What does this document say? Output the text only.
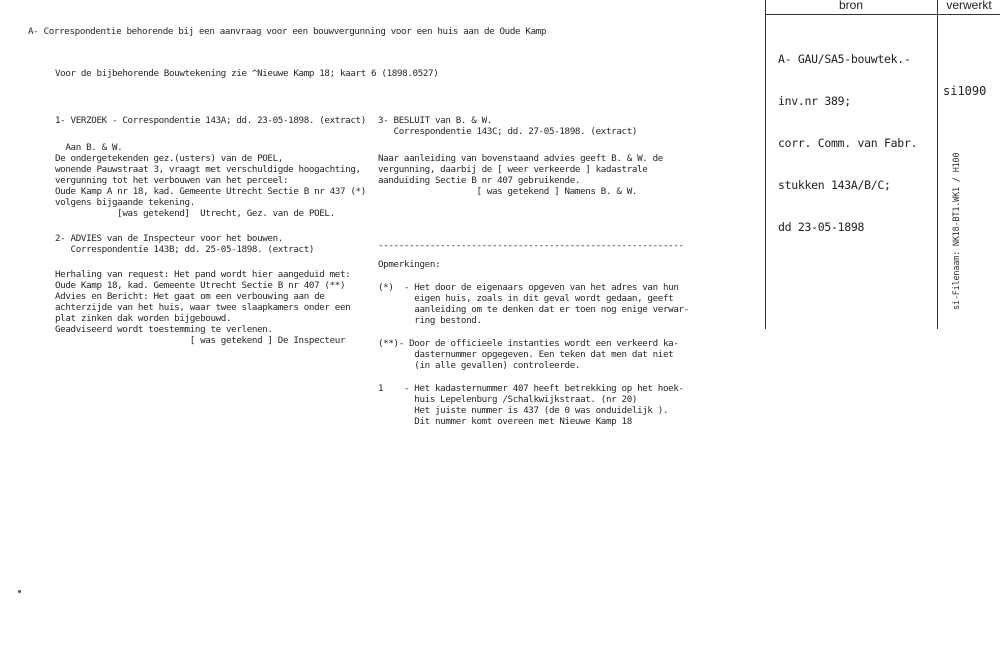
A- Correspondentie behorende bij een aanvraag voor een bouwvergunning voor een huis aan de Oude Kamp
Voor de bijbehorende Bouwtekening zie ^Nieuwe Kamp 18; kaart 6 (1898.0527)
1- VERZOEK - Correspondentie 143A; dd. 23-05-1898. (extract)
Aan B. & W.
De ondergetekenden gez.(usters) van de POEL,
wonende Pauwstraat 3, vraagt met verschuldigde hoogachting,
vergunning tot het verbouwen van het perceel:
Oude Kamp A nr 18, kad. Gemeente Utrecht Sectie B nr 437 (*)
volgens bijgaande tekening.
[was getekend]  Utrecht, Gez. van de POEL.
2- ADVIES van de Inspecteur voor het bouwen.
Correspondentie 143B; dd. 25-05-1898. (extract)
Herhaling van request: Het pand wordt hier aangeduid met:
Oude Kamp 18, kad. Gemeente Utrecht Sectie B nr 407 (**)
Advies en Bericht: Het gaat om een verbouwing aan de
achterzijde van het huis, waar twee slaapkamers onder een
plat zinken dak worden bijgebouwd.
Geadviseerd wordt toestemming te verlenen.
[ was getekend ] De Inspecteur
3- BESLUIT van B. & W.
Correspondentie 143C; dd. 27-05-1898. (extract)
Naar aanleiding van bovenstaand advies geeft B. & W. de
vergunning, daarbij de [ weer verkeerde ] kadastrale
aanduiding Sectie B nr 407 gebruikende.
[ was getekend ] Namens B. & W.
-----------------------------------------------------------
Opmerkingen:
(*)  - Het door de eigenaars opgeven van het adres van hun
eigen huis, zoals in dit geval wordt gedaan, geeft
aanleiding om te denken dat er toen nog enige verwar-
ring bestond.
(**)- Door de officieele instanties wordt een verkeerd ka-
dasternummer opgegeven. Een teken dat men dat niet
(in alle gevallen) controleerde.
1    - Het kadasternummer 407 heeft betrekking op het hoek-
huis Lepelenburg /Schalkwijkstraat. (nr 20)
Het juiste nummer is 437 (de 0 was onduidelijk ).
Dit nummer komt overeen met Nieuwe Kamp 18
bron	verwerkt

A- GAU/SA5-bouwtek.-

inv.nr 389;

corr. Comm. van Fabr.

stukken 143A/B/C;

dd 23-05-1898

si1090
si-Filenaam: NK18-BT1.WK1 / H100
